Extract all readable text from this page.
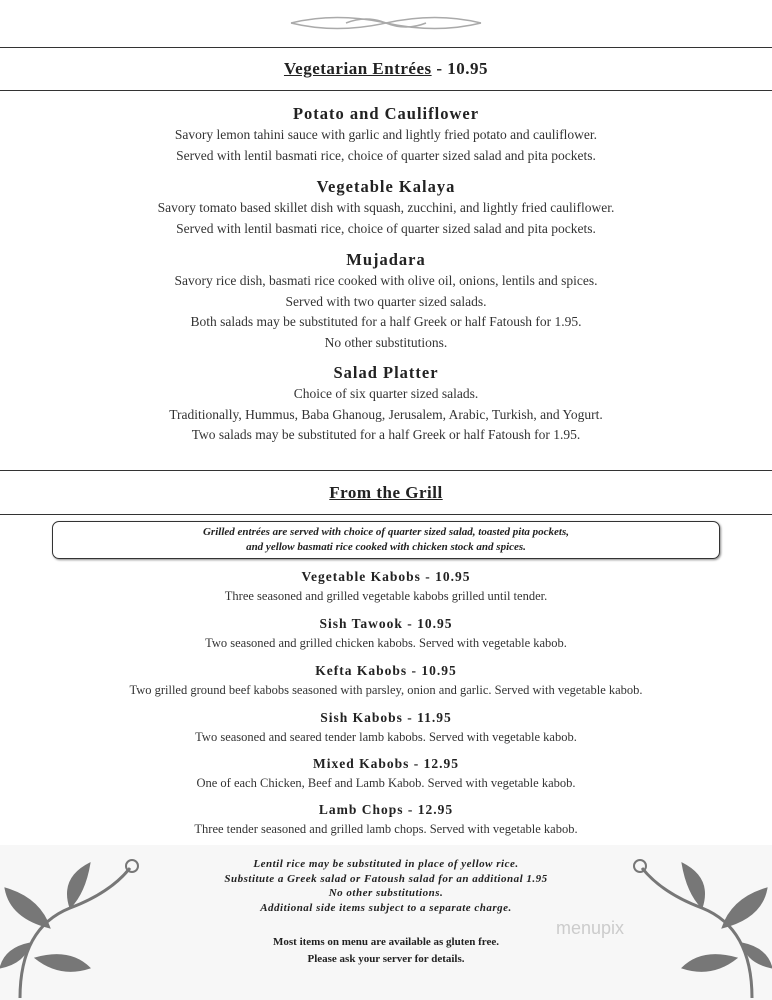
Vegetarian Entrées - 10.95
Potato and Cauliflower
Savory lemon tahini sauce with garlic and lightly fried potato and cauliflower.
Served with lentil basmati rice, choice of quarter sized salad and pita pockets.
Vegetable Kalaya
Savory tomato based skillet dish with squash, zucchini, and lightly fried cauliflower.
Served with lentil basmati rice, choice of quarter sized salad and pita pockets.
Mujadara
Savory rice dish, basmati rice cooked with olive oil, onions, lentils and spices.
Served with two quarter sized salads.
Both salads may be substituted for a half Greek or half Fatoush for 1.95.
No other substitutions.
Salad Platter
Choice of six quarter sized salads.
Traditionally, Hummus, Baba Ghanoug, Jerusalem, Arabic, Turkish, and Yogurt.
Two salads may be substituted for a half Greek or half Fatoush for 1.95.
From the Grill
Grilled entrées are served with choice of quarter sized salad, toasted pita pockets,
and yellow basmati rice cooked with chicken stock and spices.
Vegetable Kabobs - 10.95
Three seasoned and grilled vegetable kabobs grilled until tender.
Sish Tawook - 10.95
Two seasoned and grilled chicken kabobs. Served with vegetable kabob.
Kefta Kabobs - 10.95
Two grilled ground beef kabobs seasoned with parsley, onion and garlic. Served with vegetable kabob.
Sish Kabobs - 11.95
Two seasoned and seared tender lamb kabobs. Served with vegetable kabob.
Mixed Kabobs - 12.95
One of each Chicken, Beef and Lamb Kabob. Served with vegetable kabob.
Lamb Chops - 12.95
Three tender seasoned and grilled lamb chops. Served with vegetable kabob.
Lentil rice may be substituted in place of yellow rice.
Substitute a Greek salad or Fatoush salad for an additional 1.95
No other substitutions.
Additional side items subject to a separate charge.
Most items on menu are available as gluten free.
Please ask your server for details.
menupix
